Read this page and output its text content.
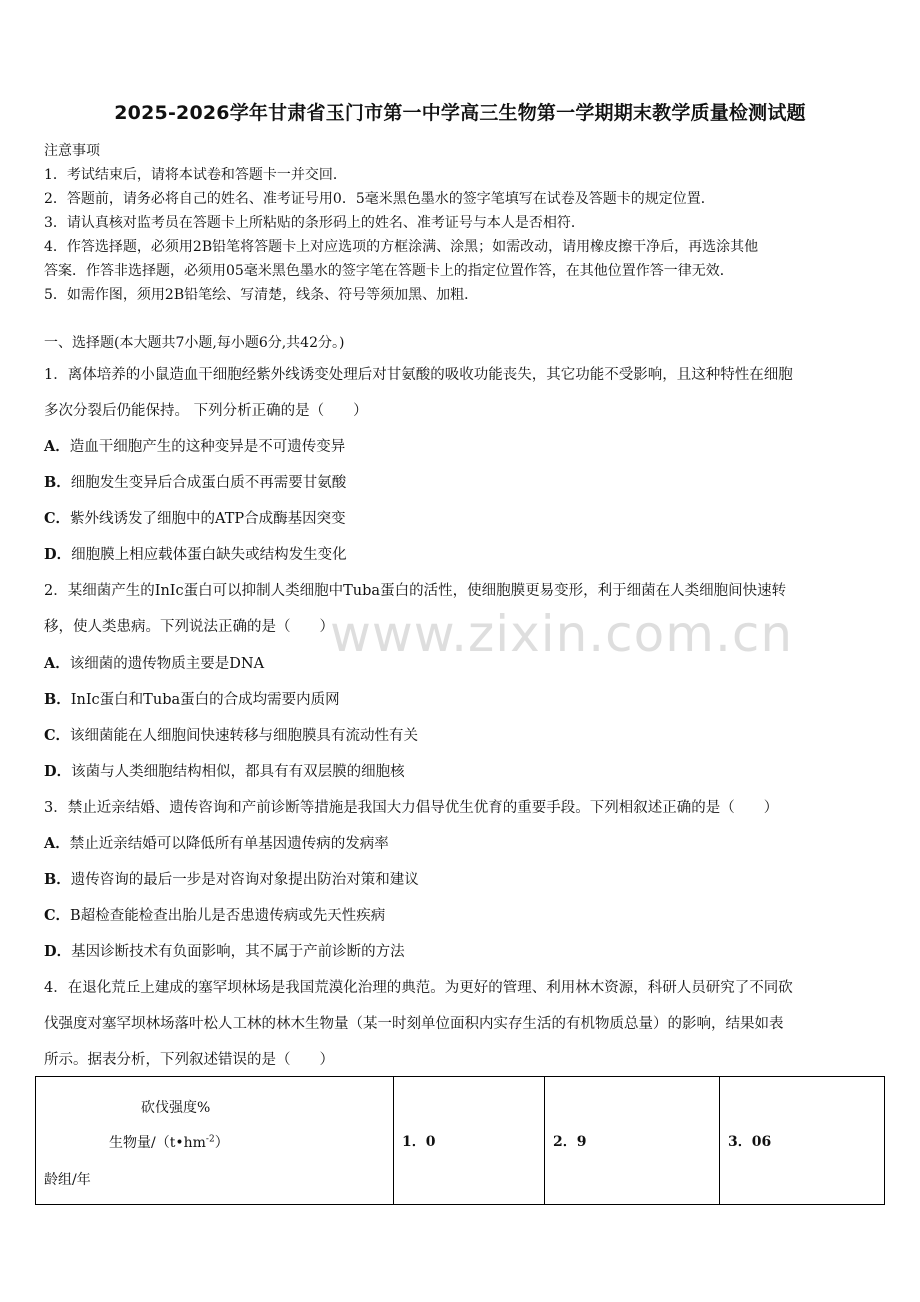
2025-2026学年甘肃省玉门市第一中学高三生物第一学期期末教学质量检测试题
注意事项
1．考试结束后，请将本试卷和答题卡一并交回．
2．答题前，请务必将自己的姓名、准考证号用0．5毫米黑色墨水的签字笔填写在试卷及答题卡的规定位置．
3．请认真核对监考员在答题卡上所粘贴的条形码上的姓名、准考证号与本人是否相符．
4．作答选择题，必须用2B铅笔将答题卡上对应选项的方框涂满、涂黑；如需改动，请用橡皮擦干净后，再选涂其他
答案．作答非选择题，必须用05毫米黑色墨水的签字笔在答题卡上的指定位置作答，在其他位置作答一律无效．
5．如需作图，须用2B铅笔绘、写清楚，线条、符号等须加黑、加粗．
一、选择题(本大题共7小题,每小题6分,共42分。)
1．离体培养的小鼠造血干细胞经紫外线诱变处理后对甘氨酸的吸收功能丧失，其它功能不受影响，且这种特性在细胞
多次分裂后仍能保持。 下列分析正确的是（　　）
A．造血干细胞产生的这种变异是不可遗传变异
B．细胞发生变异后合成蛋白质不再需要甘氨酸
C．紫外线诱发了细胞中的ATP合成酶基因突变
D．细胞膜上相应载体蛋白缺失或结构发生变化
2．某细菌产生的InIc蛋白可以抑制人类细胞中Tuba蛋白的活性，使细胞膜更易变形，利于细菌在人类细胞间快速转
移，使人类患病。下列说法正确的是（　　）
A．该细菌的遗传物质主要是DNA
B．InIc蛋白和Tuba蛋白的合成均需要内质网
C．该细菌能在人细胞间快速转移与细胞膜具有流动性有关
D．该菌与人类细胞结构相似，都具有有双层膜的细胞核
3．禁止近亲结婚、遗传咨询和产前诊断等措施是我国大力倡导优生优育的重要手段。下列相叙述正确的是（　　）
A．禁止近亲结婚可以降低所有单基因遗传病的发病率
B．遗传咨询的最后一步是对咨询对象提出防治对策和建议
C．B超检查能检查出胎儿是否患遗传病或先天性疾病
D．基因诊断技术有负面影响，其不属于产前诊断的方法
4．在退化荒丘上建成的塞罕坝林场是我国荒漠化治理的典范。为更好的管理、利用林木资源，科研人员研究了不同砍
伐强度对塞罕坝林场落叶松人工林的林木生物量（某一时刻单位面积内实存生活的有机物质总量）的影响，结果如表
所示。据表分析，下列叙述错误的是（　　）
www.zixin.com.cn
砍伐强度%
生物量$/(t•hm^{-2})$
龄组/年
	1．0	2．9	3．06
